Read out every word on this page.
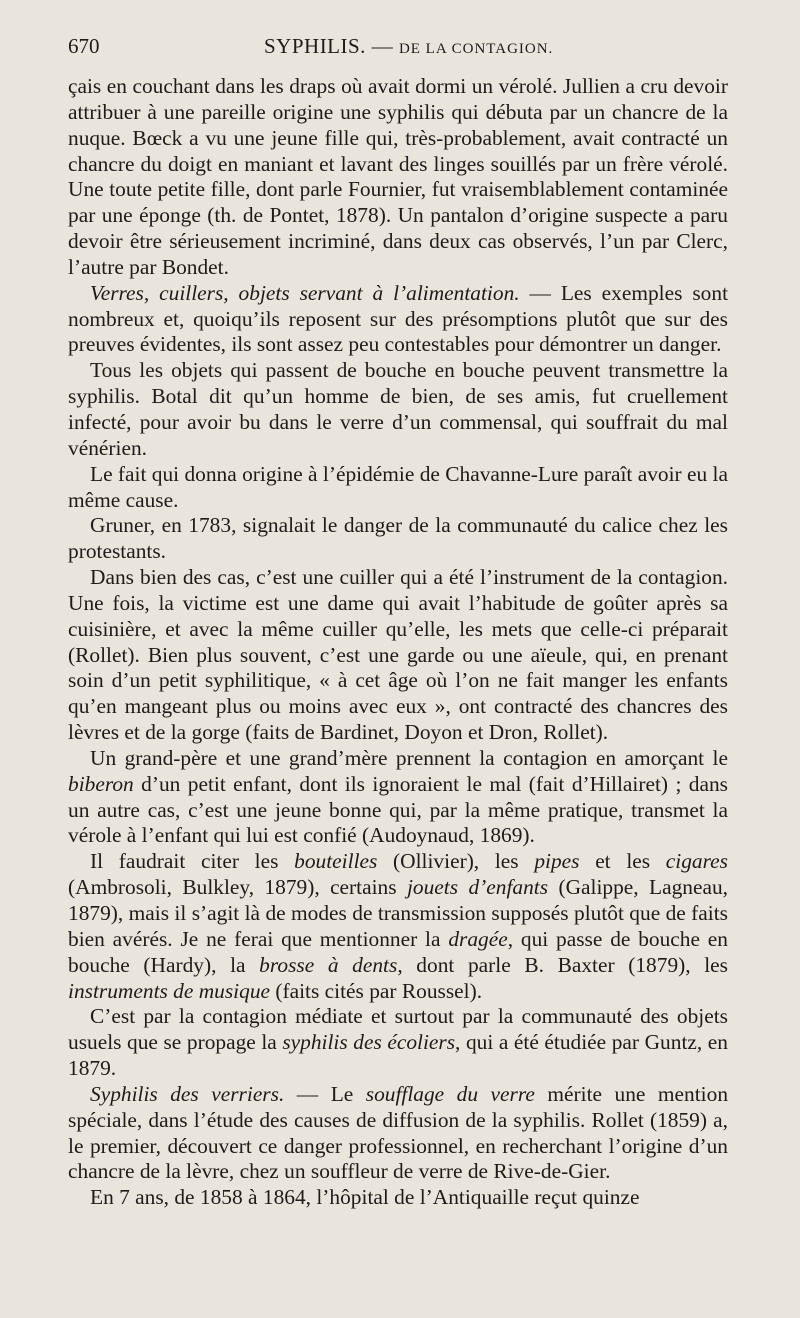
670	SYPHILIS. — DE LA CONTAGION.

çais en couchant dans les draps où avait dormi un vérolé. Jullien a cru devoir attribuer à une pareille origine une syphilis qui débuta par un chancre de la nuque. Bœck a vu une jeune fille qui, très-probablement, avait contracté un chancre du doigt en maniant et lavant des linges souillés par un frère vérolé. Une toute petite fille, dont parle Fournier, fut vraisemblablement contaminée par une éponge (th. de Pontet, 1878). Un pantalon d’origine suspecte a paru devoir être sérieusement incriminé, dans deux cas observés, l’un par Clerc, l’autre par Bondet.

Verres, cuillers, objets servant à l’alimentation. — Les exemples sont nombreux et, quoiqu’ils reposent sur des présomptions plutôt que sur des preuves évidentes, ils sont assez peu contestables pour démontrer un danger.

Tous les objets qui passent de bouche en bouche peuvent transmettre la syphilis. Botal dit qu’un homme de bien, de ses amis, fut cruellement infecté, pour avoir bu dans le verre d’un commensal, qui souffrait du mal vénérien.

Le fait qui donna origine à l’épidémie de Chavanne-Lure paraît avoir eu la même cause.

Gruner, en 1783, signalait le danger de la communauté du calice chez les protestants.

Dans bien des cas, c’est une cuiller qui a été l’instrument de la contagion. Une fois, la victime est une dame qui avait l’habitude de goûter après sa cuisinière, et avec la même cuiller qu’elle, les mets que celle-ci préparait (Rollet). Bien plus souvent, c’est une garde ou une aïeule, qui, en prenant soin d’un petit syphilitique, « à cet âge où l’on ne fait manger les enfants qu’en mangeant plus ou moins avec eux », ont contracté des chancres des lèvres et de la gorge (faits de Bardinet, Doyon et Dron, Rollet).

Un grand-père et une grand’mère prennent la contagion en amorçant le biberon d’un petit enfant, dont ils ignoraient le mal (fait d’Hillairet) ; dans un autre cas, c’est une jeune bonne qui, par la même pratique, transmet la vérole à l’enfant qui lui est confié (Audoynaud, 1869).

Il faudrait citer les bouteilles (Ollivier), les pipes et les cigares (Ambrosoli, Bulkley, 1879), certains jouets d’enfants (Galippe, Lagneau, 1879), mais il s’agit là de modes de transmission supposés plutôt que de faits bien avérés. Je ne ferai que mentionner la dragée, qui passe de bouche en bouche (Hardy), la brosse à dents, dont parle B. Baxter (1879), les instruments de musique (faits cités par Roussel).

C’est par la contagion médiate et surtout par la communauté des objets usuels que se propage la syphilis des écoliers, qui a été étudiée par Guntz, en 1879.

Syphilis des verriers. — Le soufflage du verre mérite une mention spéciale, dans l’étude des causes de diffusion de la syphilis. Rollet (1859) a, le premier, découvert ce danger professionnel, en recherchant l’origine d’un chancre de la lèvre, chez un souffleur de verre de Rive-de-Gier.

En 7 ans, de 1858 à 1864, l’hôpital de l’Antiquaille reçut quinze
